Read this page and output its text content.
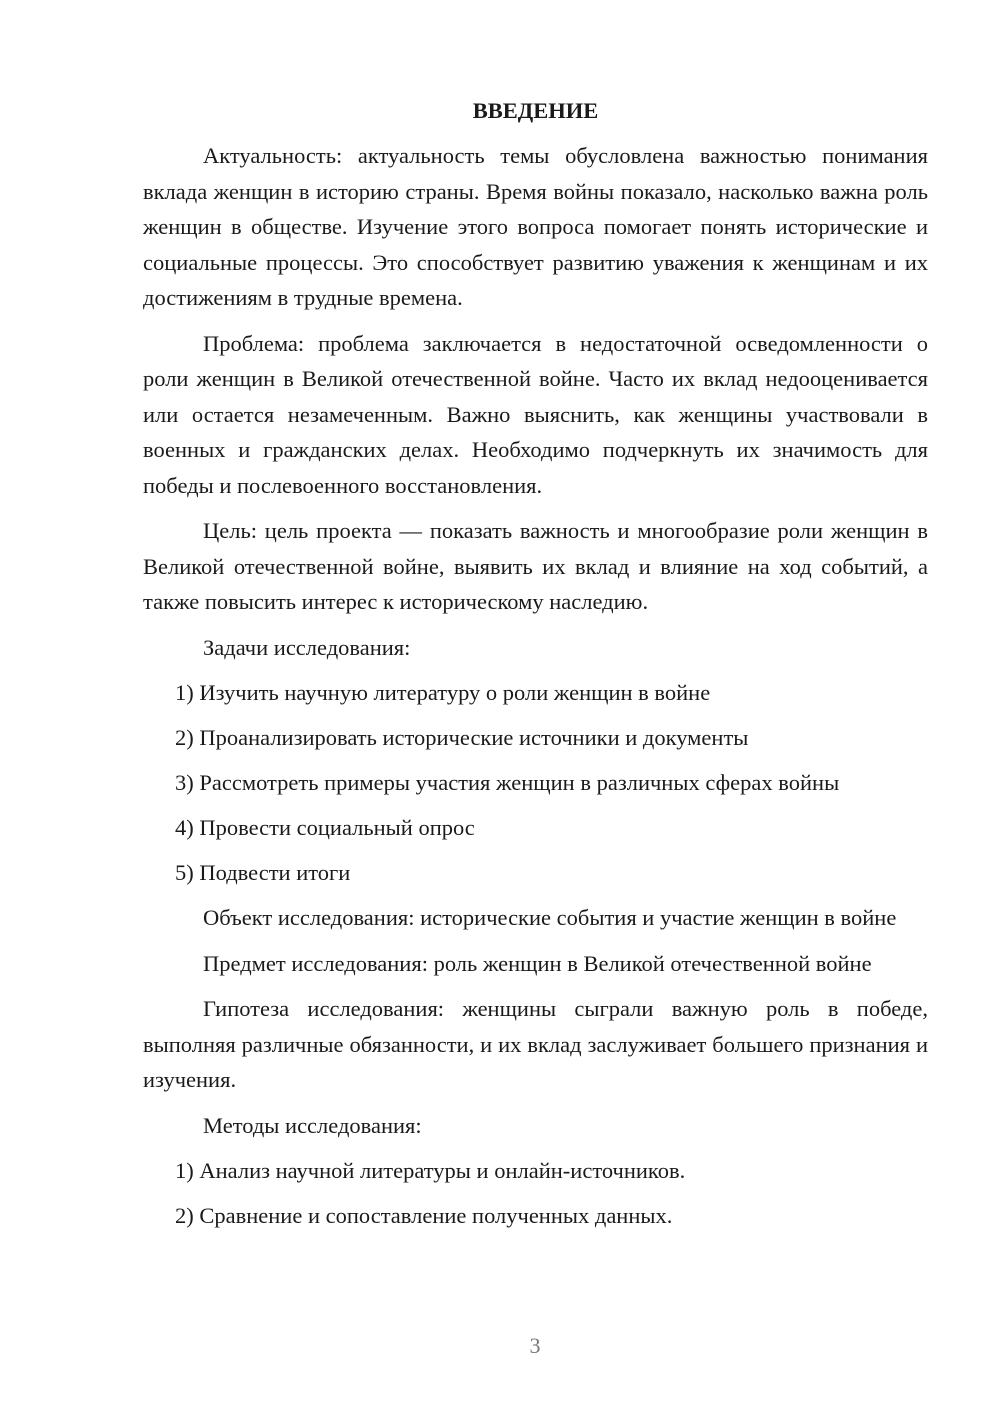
ВВЕДЕНИЕ

Актуальность: актуальность темы обусловлена важностью понимания вклада женщин в историю страны. Время войны показало, насколько важна роль женщин в обществе. Изучение этого вопроса помогает понять исторические и социальные процессы. Это способствует развитию уважения к женщинам и их достижениям в трудные времена.

Проблема: проблема заключается в недостаточной осведомленности о роли женщин в Великой отечественной войне. Часто их вклад недооценивается или остается незамеченным. Важно выяснить, как женщины участвовали в военных и гражданских делах. Необходимо подчеркнуть их значимость для победы и послевоенного восстановления.

Цель: цель проекта — показать важность и многообразие роли женщин в Великой отечественной войне, выявить их вклад и влияние на ход событий, а также повысить интерес к историческому наследию.

Задачи исследования:

1) Изучить научную литературу о роли женщин в войне

2) Проанализировать исторические источники и документы

3) Рассмотреть примеры участия женщин в различных сферах войны

4) Провести социальный опрос

5) Подвести итоги

Объект исследования: исторические события и участие женщин в войне

Предмет исследования: роль женщин в Великой отечественной войне

Гипотеза исследования: женщины сыграли важную роль в победе, выполняя различные обязанности, и их вклад заслуживает большего признания и изучения.

Методы исследования:

1) Анализ научной литературы и онлайн-источников.

2) Сравнение и сопоставление полученных данных.

3
